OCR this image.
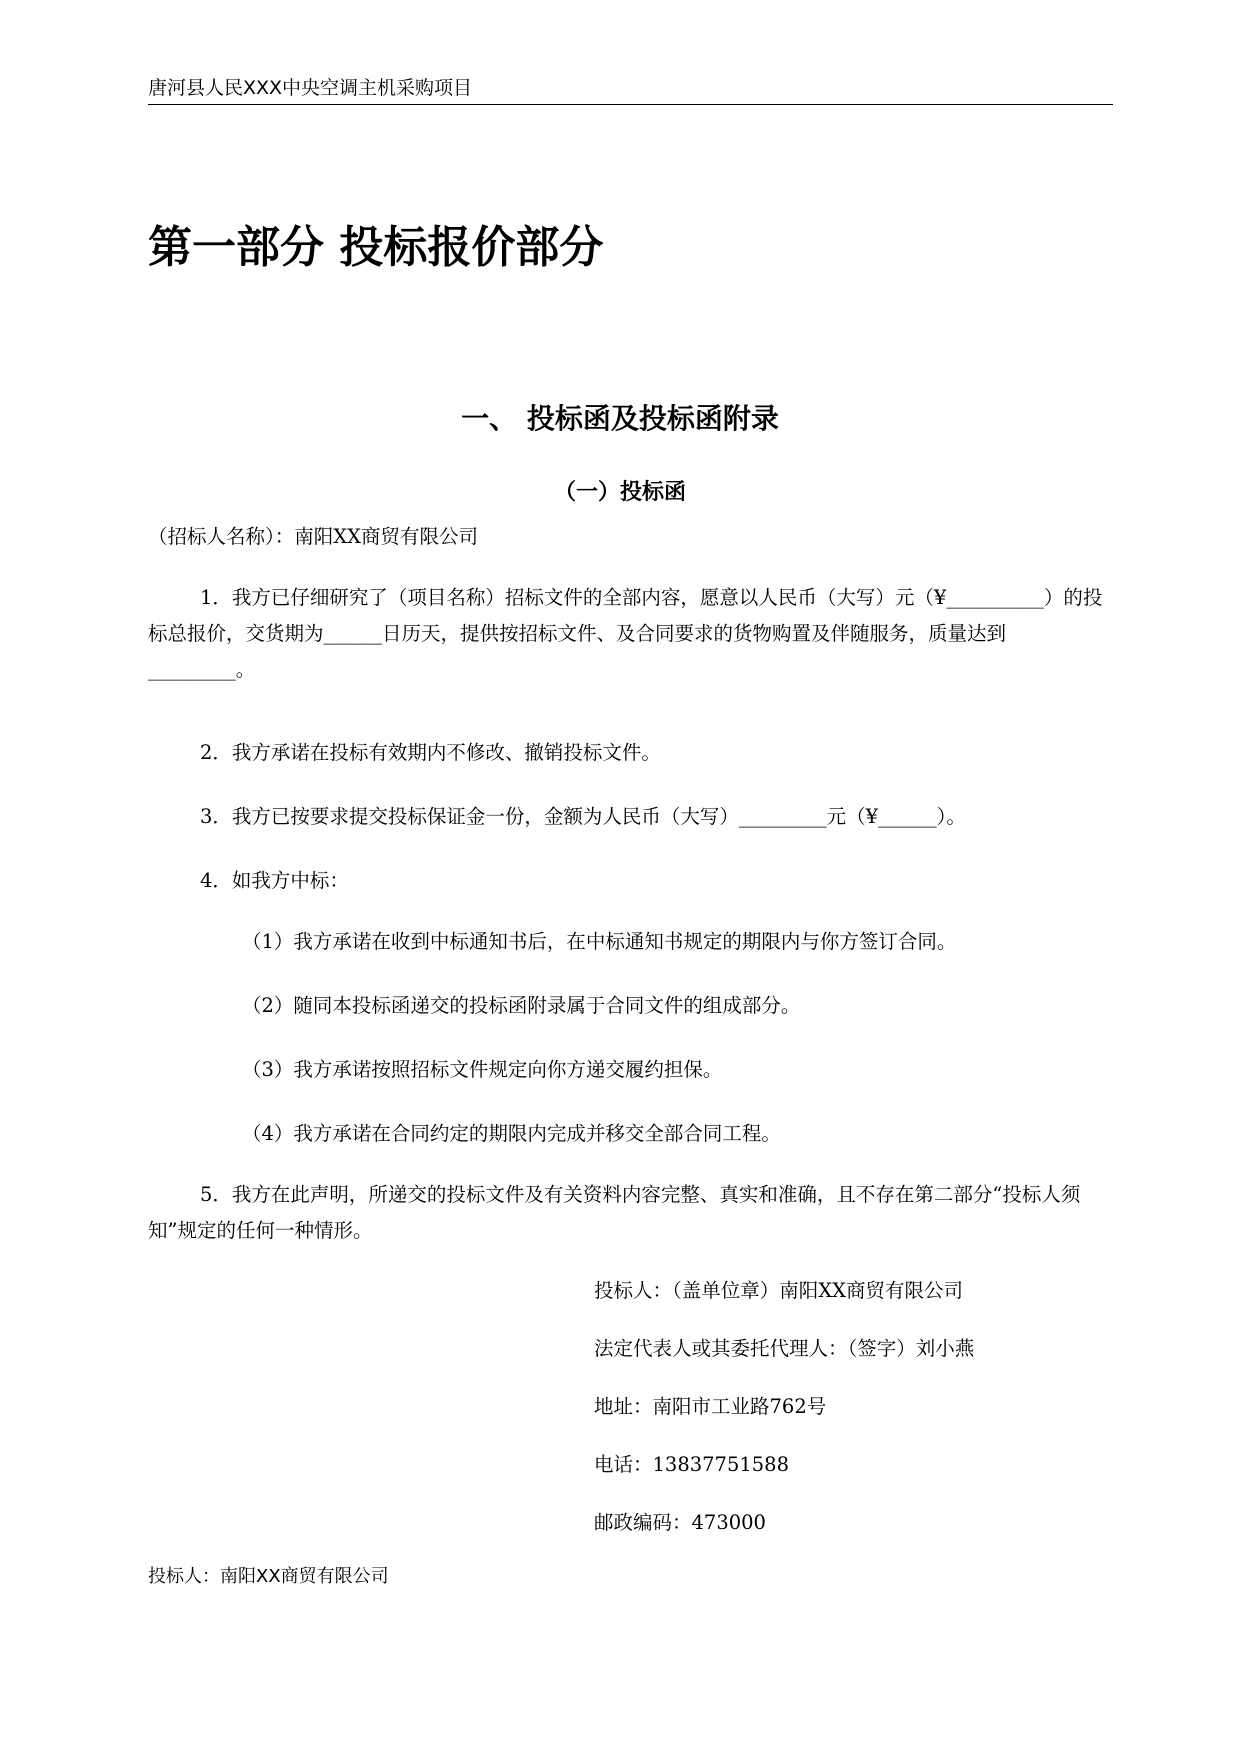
唐河县人民XXX中央空调主机采购项目
第一部分 投标报价部分
一、 投标函及投标函附录
（一）投标函
（招标人名称）：南阳XX商贸有限公司

1．我方已仔细研究了（项目名称）招标文件的全部内容，愿意以人民币（大写）元（¥__________）的投标总报价，交货期为______日历天，提供按招标文件、及合同要求的货物购置及伴随服务，质量达到_________。

2．我方承诺在投标有效期内不修改、撤销投标文件。

3．我方已按要求提交投标保证金一份，金额为人民币（大写）_________元（¥______）。

4．如我方中标：

（1）我方承诺在收到中标通知书后，在中标通知书规定的期限内与你方签订合同。
（2）随同本投标函递交的投标函附录属于合同文件的组成部分。
（3）我方承诺按照招标文件规定向你方递交履约担保。
（4）我方承诺在合同约定的期限内完成并移交全部合同工程。

5．我方在此声明，所递交的投标文件及有关资料内容完整、真实和准确，且不存在第二部分“投标人须知”规定的任何一种情形。

投标人：（盖单位章）南阳XX商贸有限公司
法定代表人或其委托代理人：（签字）刘小燕
地址：南阳市工业路762号
电话：13837751588
邮政编码：473000
投标人：南阳XX商贸有限公司
